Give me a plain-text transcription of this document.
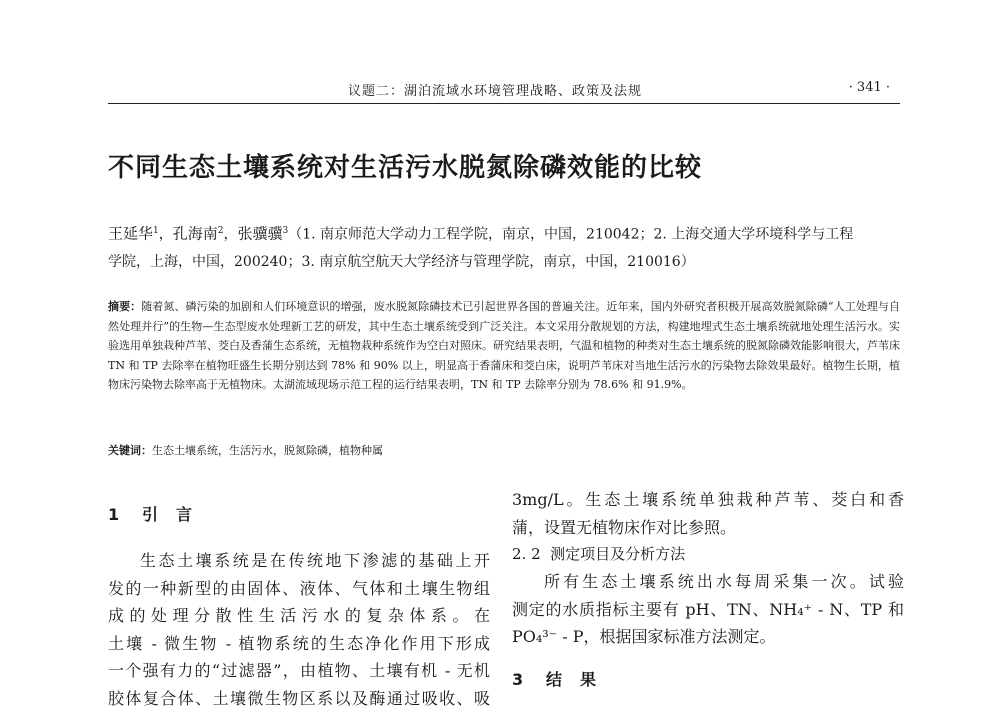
议题二：湖泊流域水环境管理战略、政策及法规	· 341 ·
不同生态土壤系统对生活污水脱氮除磷效能的比较
王延华$^1$，孔海南$^2$，张骥骥$^3$（1. 南京师范大学动力工程学院，南京，中国，210042；2. 上海交通大学环境科学与工程
学院，上海，中国，200240；3. 南京航空航天大学经济与管理学院，南京，中国，210016）
摘要：随着氮、磷污染的加剧和人们环境意识的增强，废水脱氮除磷技术已引起世界各国的普遍关注。近年来，国内外研究者积极开展高效脱氮除磷“人工处理与自然处理并行”的生物—生态型废水处理新工艺的研发，其中生态土壤系统受到广泛关注。本文采用分散规划的方法，构建地埋式生态土壤系统就地处理生活污水。实验选用单独栽种芦苇、茭白及香蒲生态系统，无植物栽种系统作为空白对照床。研究结果表明，气温和植物的种类对生态土壤系统的脱氮除磷效能影响很大，芦苇床 TN 和 TP 去除率在植物旺盛生长期分别达到 78% 和 90% 以上，明显高于香蒲床和茭白床，说明芦苇床对当地生活污水的污染物去除效果最好。植物生长期，植物床污染物去除率高于无植物床。太湖流域现场示范工程的运行结果表明，TN 和 TP 去除率分别为 78.6% 和 91.9%。
关键词：生态土壤系统，生活污水，脱氮除磷，植物种属
1 引　言
生态土壤系统是在传统地下渗滤的基础上开
发的一种新型的由固体、液体、气体和土壤生物组
成的处理分散性生活污水的复杂体系。在
土壤 - 微生物 - 植物系统的生态净化作用下形成
一个强有力的“过滤器”，由植物、土壤有机 - 无机
胶体复合体、土壤微生物区系以及酶通过吸收、吸
3mg/L。生态土壤系统单独栽种芦苇、茭白和香
蒲，设置无植物床作对比参照。
2. 2 测定项目及分析方法
所有生态土壤系统出水每周采集一次。试验
测定的水质指标主要有 pH、TN、NH₄⁺ - N、TP 和
PO₄³⁻ - P，根据国家标准方法测定。
3 结　果
